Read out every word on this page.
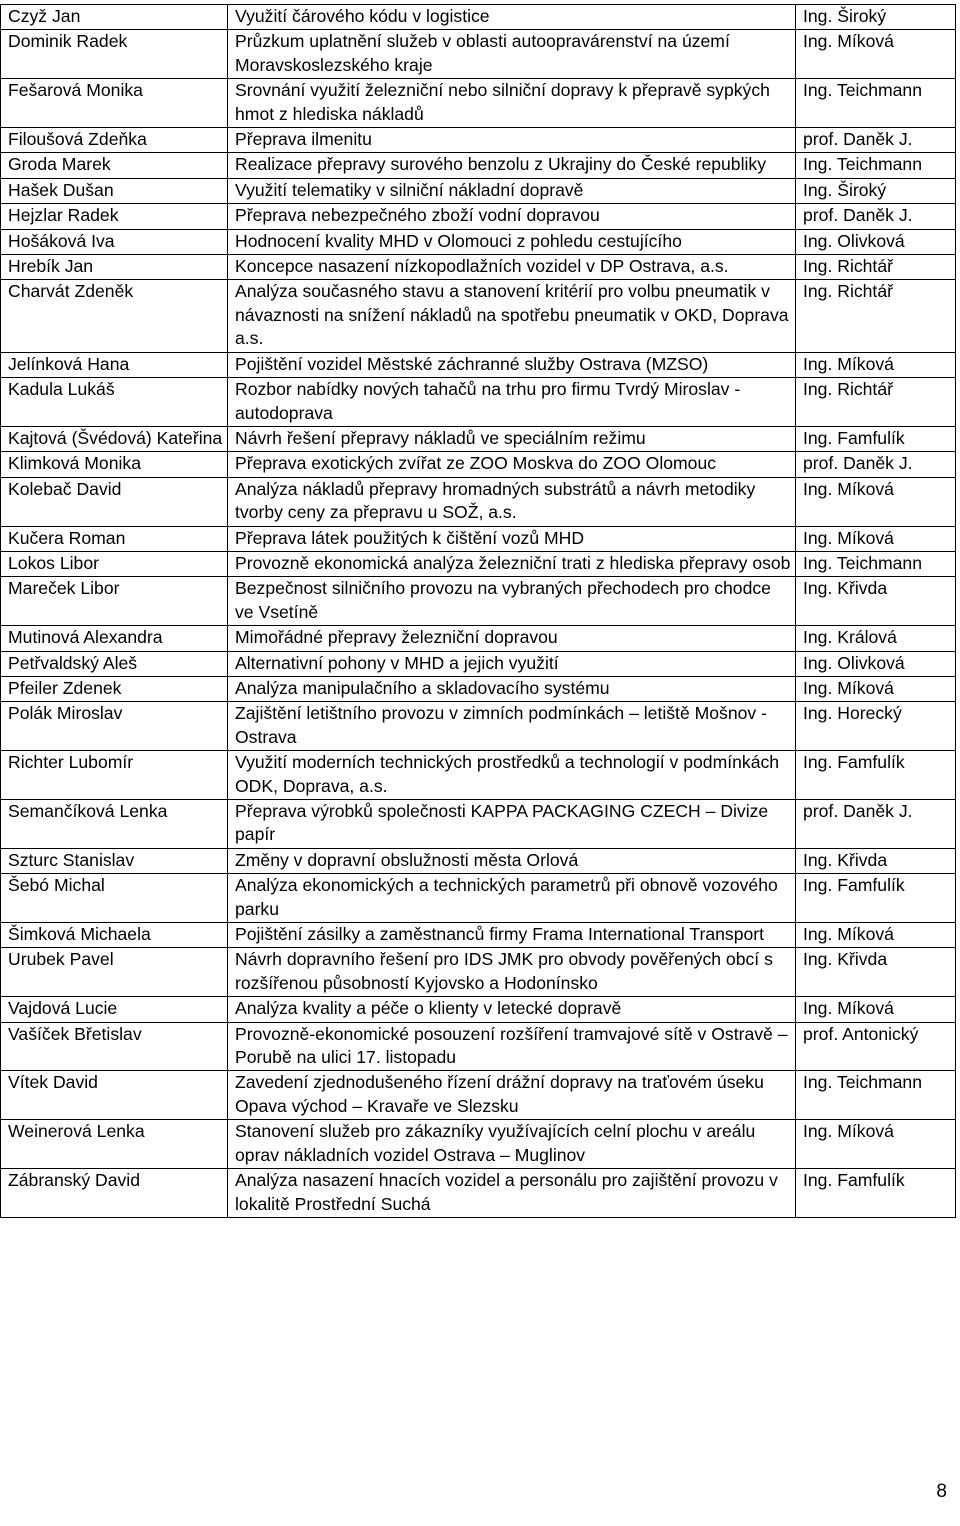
Czyž Jan	Využití čárového kódu v logistice	Ing. Široký
Dominik Radek	Průzkum uplatnění služeb v oblasti autoopravárenství na území Moravskoslezského kraje	Ing. Míková
Fešarová Monika	Srovnání využití železniční nebo silniční dopravy k přepravě sypkých hmot z hlediska nákladů	Ing. Teichmann
Filoušová Zdeňka	Přeprava ilmenitu	prof. Daněk J.
Groda Marek	Realizace přepravy surového benzolu z Ukrajiny do České republiky	Ing. Teichmann
Hašek Dušan	Využití telematiky v silniční nákladní dopravě	Ing. Široký
Hejzlar Radek	Přeprava nebezpečného zboží vodní dopravou	prof. Daněk J.
Hošáková Iva	Hodnocení kvality MHD v Olomouci z pohledu cestujícího	Ing. Olivková
Hrebík Jan	Koncepce nasazení nízkopodlažních vozidel v DP Ostrava, a.s.	Ing. Richtář
Charvát Zdeněk	Analýza současného stavu a stanovení kritérií pro volbu pneumatik v návaznosti na snížení nákladů na spotřebu pneumatik v OKD, Doprava a.s.	Ing. Richtář
Jelínková Hana	Pojištění vozidel Městské záchranné služby Ostrava (MZSO)	Ing. Míková
Kadula Lukáš	Rozbor nabídky nových tahačů na trhu pro firmu Tvrdý Miroslav - autodoprava	Ing. Richtář
Kajtová (Švédová) Kateřina	Návrh řešení přepravy nákladů ve speciálním režimu	Ing. Famfulík
Klimková Monika	Přeprava exotických zvířat ze ZOO Moskva do ZOO Olomouc	prof. Daněk J.
Kolebač David	Analýza nákladů přepravy hromadných substrátů a návrh metodiky tvorby ceny za přepravu u SOŽ, a.s.	Ing. Míková
Kučera Roman	Přeprava látek použitých k čištění vozů MHD	Ing. Míková
Lokos Libor	Provozně ekonomická analýza železniční trati z hlediska přepravy osob	Ing. Teichmann
Mareček Libor	Bezpečnost silničního provozu na vybraných přechodech pro chodce ve Vsetíně	Ing. Křivda
Mutinová Alexandra	Mimořádné přepravy železniční dopravou	Ing. Králová
Petřvaldský Aleš	Alternativní pohony v MHD a jejich využití	Ing. Olivková
Pfeiler Zdenek	Analýza manipulačního a skladovacího systému	Ing. Míková
Polák Miroslav	Zajištění letištního provozu v zimních podmínkách – letiště Mošnov - Ostrava	Ing. Horecký
Richter Lubomír	Využití moderních technických prostředků a technologií v podmínkách ODK, Doprava, a.s.	Ing. Famfulík
Semančíková Lenka	Přeprava výrobků společnosti KAPPA PACKAGING CZECH – Divize papír	prof. Daněk J.
Szturc Stanislav	Změny v dopravní obslužnosti města Orlová	Ing. Křivda
Šebó Michal	Analýza ekonomických a technických parametrů při obnově vozového parku	Ing. Famfulík
Šimková Michaela	Pojištění zásilky a zaměstnanců firmy Frama International Transport	Ing. Míková
Urubek Pavel	Návrh dopravního řešení pro IDS JMK pro obvody pověřených obcí s rozšířenou působností Kyjovsko a Hodonínsko	Ing. Křivda
Vajdová Lucie	Analýza kvality a péče o klienty v letecké dopravě	Ing. Míková
Vašíček Břetislav	Provozně-ekonomické posouzení rozšíření tramvajové sítě v Ostravě – Porubě na ulici 17. listopadu	prof. Antonický
Vítek David	Zavedení zjednodušeného řízení drážní dopravy na traťovém úseku Opava východ – Kravaře ve Slezsku	Ing. Teichmann
Weinerová Lenka	Stanovení služeb pro zákazníky využívajících celní plochu v areálu oprav nákladních vozidel Ostrava – Muglinov	Ing. Míková
Zábranský David	Analýza nasazení hnacích vozidel a personálu pro zajištění provozu v lokalitě Prostřední Suchá	Ing. Famfulík
8
